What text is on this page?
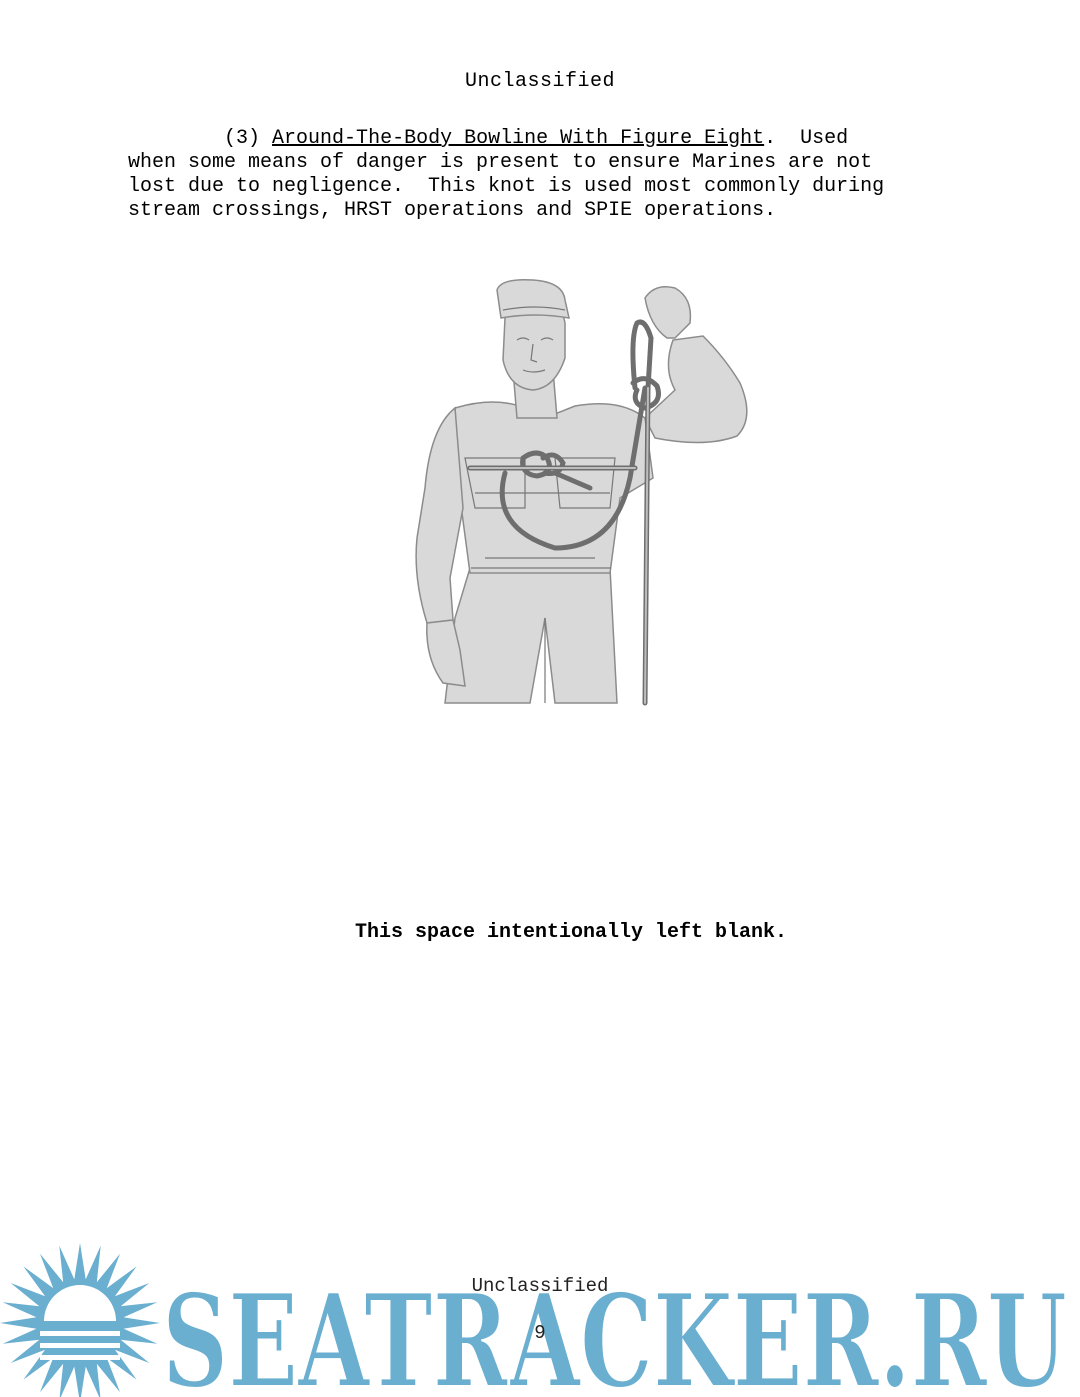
Unclassified
(3) Around-The-Body Bowline With Figure Eight.  Used
when some means of danger is present to ensure Marines are not
lost due to negligence.  This knot is used most commonly during
stream crossings, HRST operations and SPIE operations.
This space intentionally left blank.
Unclassified
9
SEATRACKER.RU
